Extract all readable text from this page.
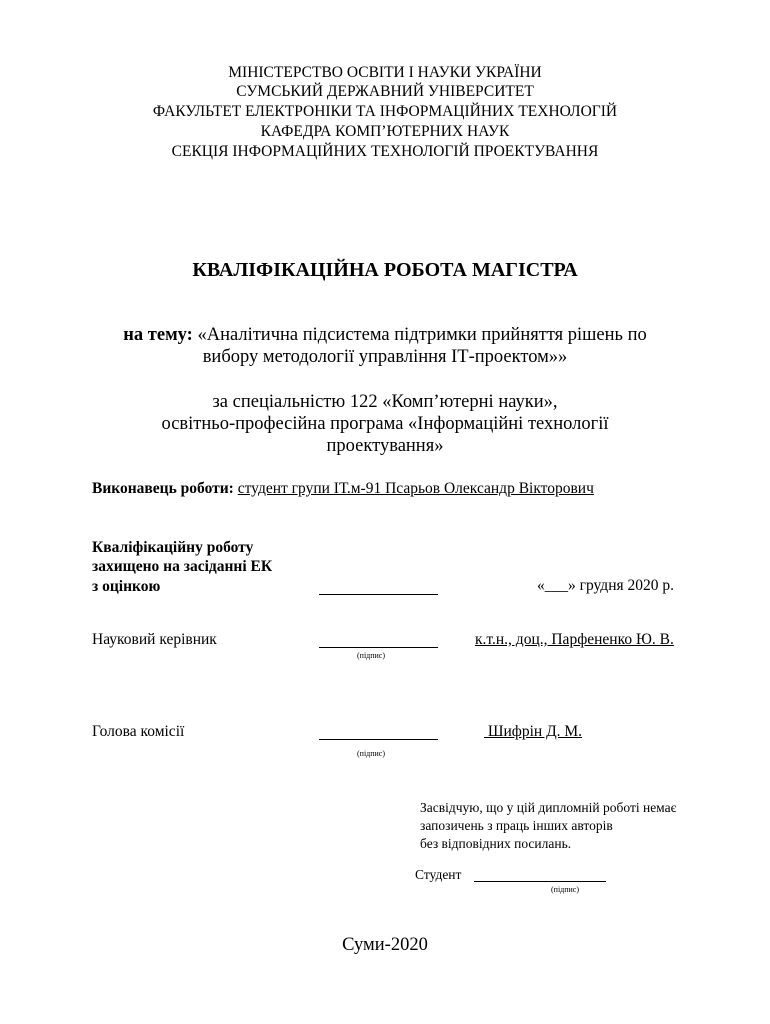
МІНІСТЕРСТВО ОСВІТИ І НАУКИ УКРАЇНИ
СУМСЬКИЙ ДЕРЖАВНИЙ УНІВЕРСИТЕТ
ФАКУЛЬТЕТ ЕЛЕКТРОНІКИ ТА ІНФОРМАЦІЙНИХ ТЕХНОЛОГІЙ
КАФЕДРА КОМП’ЮТЕРНИХ НАУК
СЕКЦІЯ ІНФОРМАЦІЙНИХ ТЕХНОЛОГІЙ ПРОЕКТУВАННЯ
КВАЛІФІКАЦІЙНА РОБОТА МАГІСТРА
на тему: «Аналітична підсистема підтримки прийняття рішень по
вибору методології управління ІТ-проектом»»
за спеціальністю 122 «Комп’ютерні науки»,
освітньо-професійна програма «Інформаційні технології
проектування»
Виконавець роботи: студент групи ІТ.м-91 Псарьов Олександр Вікторович
Кваліфікаційну роботу
захищено на засіданні ЕК
з оцінкою	«___» грудня 2020 р.
Науковий керівник
(підпис)
к.т.н., доц., Парфененко Ю. В.
Голова комісії
(підпис)
Шифрін Д. М.
Засвідчую, що у цій дипломній роботі немає
запозичень з праць інших авторів
без відповідних посилань.
Студент
(підпис)
Суми-2020
